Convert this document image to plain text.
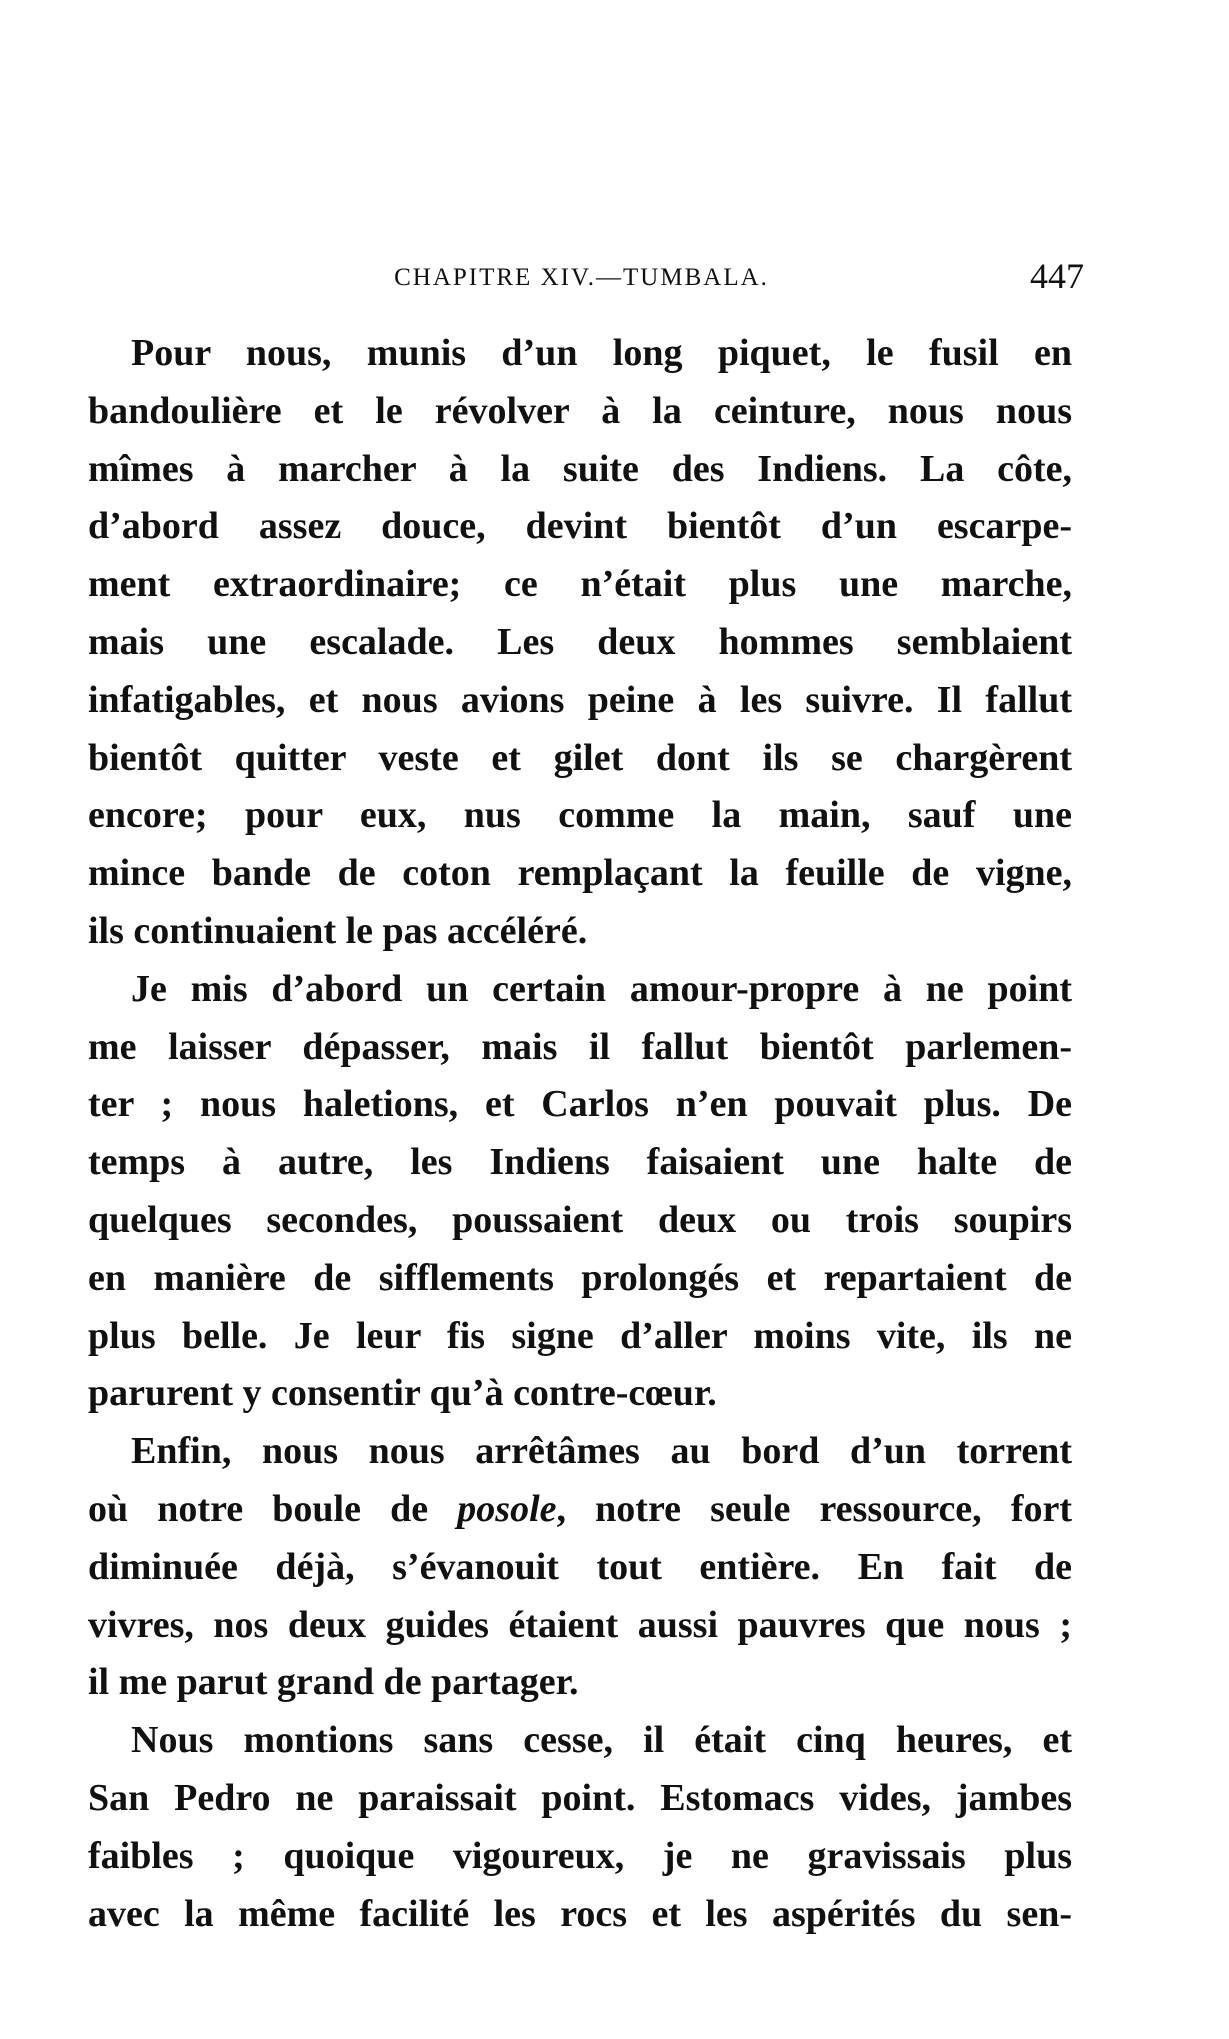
CHAPITRE XIV.—TUMBALA.	447
Pour nous, munis d’un long piquet, le fusil en
bandoulière et le révolver à la ceinture, nous nous
mîmes à marcher à la suite des Indiens. La côte,
d’abord assez douce, devint bientôt d’un escarpe-
ment extraordinaire; ce n’était plus une marche,
mais une escalade. Les deux hommes semblaient
infatigables, et nous avions peine à les suivre. Il fallut
bientôt quitter veste et gilet dont ils se chargèrent
encore; pour eux, nus comme la main, sauf une
mince bande de coton remplaçant la feuille de vigne,
ils continuaient le pas accéléré.
Je mis d’abord un certain amour-propre à ne point
me laisser dépasser, mais il fallut bientôt parlemen-
ter ; nous haletions, et Carlos n’en pouvait plus. De
temps à autre, les Indiens faisaient une halte de
quelques secondes, poussaient deux ou trois soupirs
en manière de sifflements prolongés et repartaient de
plus belle. Je leur fis signe d’aller moins vite, ils ne
parurent y consentir qu’à contre-cœur.
Enfin, nous nous arrêtâmes au bord d’un torrent
où notre boule de posole, notre seule ressource, fort
diminuée déjà, s’évanouit tout entière. En fait de
vivres, nos deux guides étaient aussi pauvres que nous ;
il me parut grand de partager.
Nous montions sans cesse, il était cinq heures, et
San Pedro ne paraissait point. Estomacs vides, jambes
faibles ; quoique vigoureux, je ne gravissais plus
avec la même facilité les rocs et les aspérités du sen-
